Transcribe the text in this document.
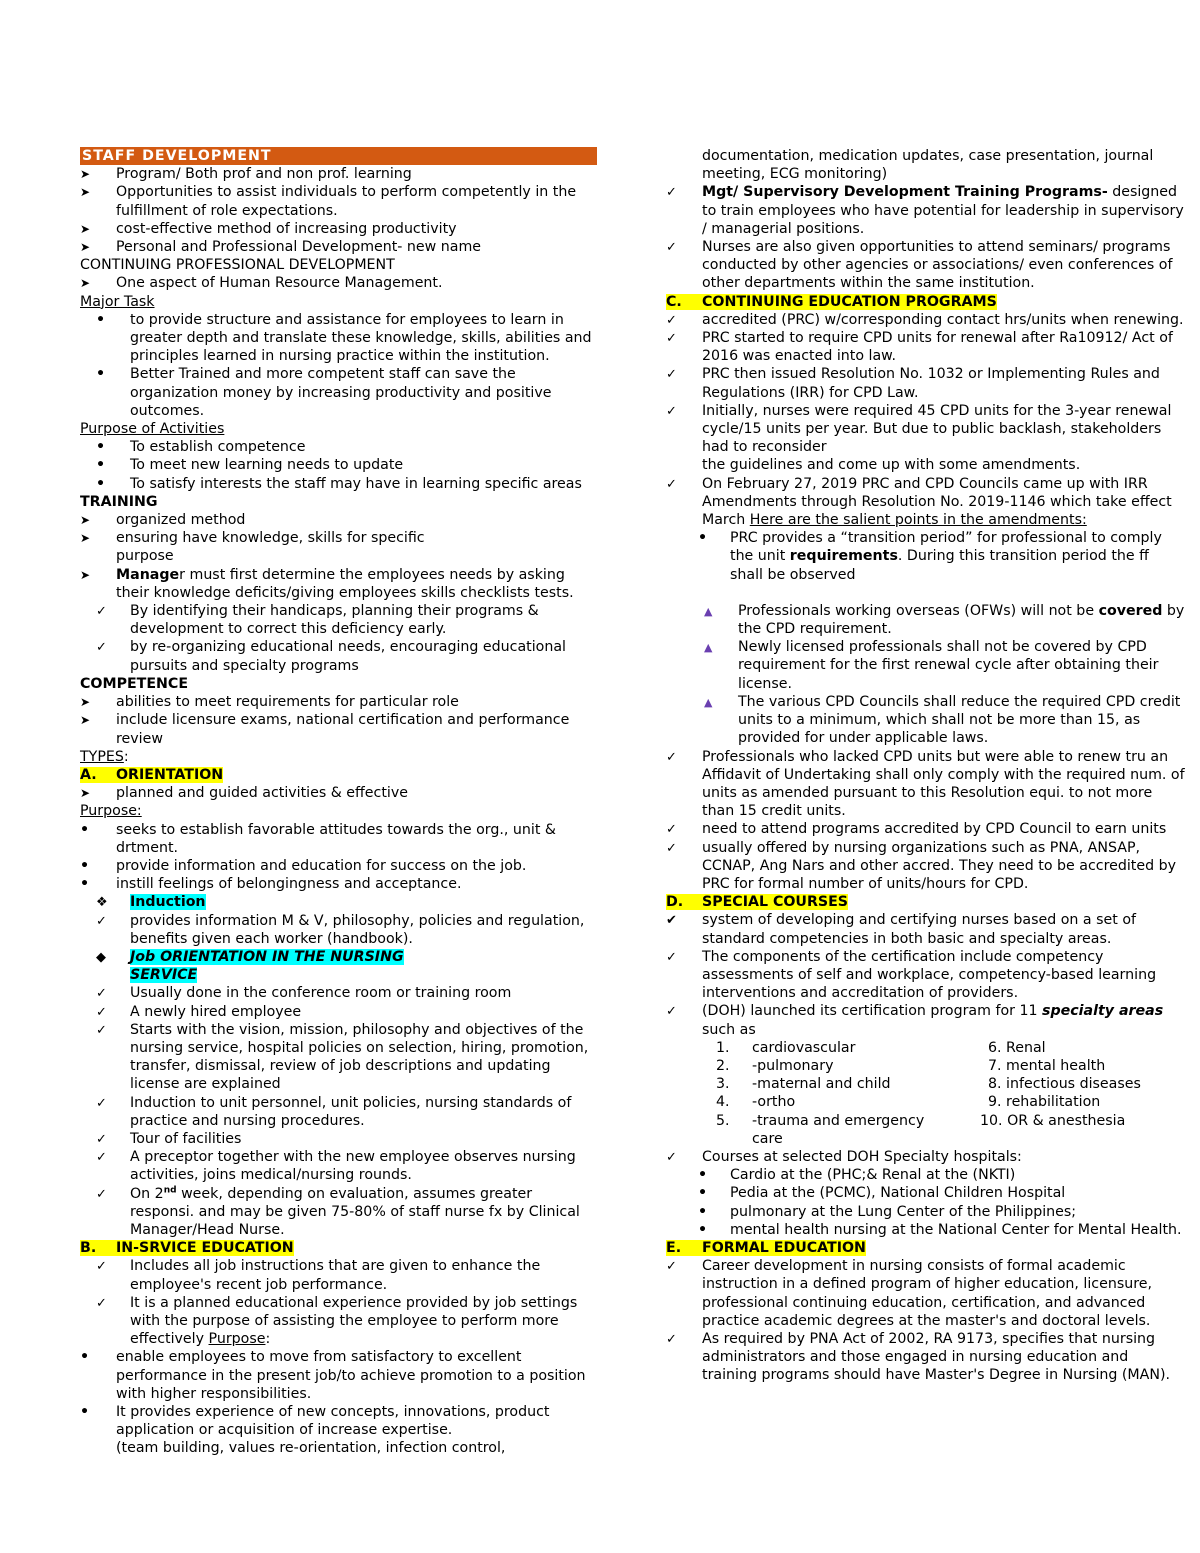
STAFF DEVELOPMENT
➤
Program/ Both prof and non prof. learning
➤
Opportunities to assist individuals to perform competently in the fulfillment of role expectations.
➤
cost-effective method of increasing productivity
➤
Personal and Professional Development- new name
CONTINUING PROFESSIONAL DEVELOPMENT
➤
One aspect of Human Resource Management.
Major Task
•
to provide structure and assistance for employees to learn in greater depth and translate these knowledge, skills, abilities and principles learned in nursing practice within the institution.
•
Better Trained and more competent staff can save the organization money by increasing productivity and positive outcomes.
Purpose of Activities
•
To establish competence
•
To meet new learning needs to update
•
To satisfy interests the staff may have in learning specific areas
TRAINING
➤
organized method
➤
ensuring have knowledge, skills for specific purpose
➤
Manager must first determine the employees needs by asking their knowledge deficits/giving employees skills checklists tests.
✓
By identifying their handicaps, planning their programs & development to correct this deficiency early.
✓
by re-organizing educational needs, encouraging educational pursuits and specialty programs
COMPETENCE
➤
abilities to meet requirements for particular role
➤
include licensure exams, national certification and performance review
TYPES:
A. ORIENTATION
➤
planned and guided activities & effective
Purpose:
•
seeks to establish favorable attitudes towards the org., unit & drtment.
•
provide information and education for success on the job.
•
instill feelings of belongingness and acceptance.
❖
Induction
✓
provides information M & V, philosophy, policies and regulation, benefits given each worker (handbook).
◆
Job ORIENTATION IN THE NURSING SERVICE
✓
Usually done in the conference room or training room
✓
A newly hired employee
✓
Starts with the vision, mission, philosophy and objectives of the nursing service, hospital policies on selection, hiring, promotion, transfer, dismissal, review of job descriptions and updating license are explained
✓
Induction to unit personnel, unit policies, nursing standards of practice and nursing procedures.
✓
Tour of facilities
✓
A preceptor together with the new employee observes nursing activities, joins medical/nursing rounds.
✓
On 2nd week, depending on evaluation, assumes greater responsi. and may be given 75-80% of staff nurse fx by Clinical Manager/Head Nurse.
B. IN-SRVICE EDUCATION
✓
Includes all job instructions that are given to enhance the employee's recent job performance.
✓
It is a planned educational experience provided by job settings with the purpose of assisting the employee to perform more effectively Purpose:
•
enable employees to move from satisfactory to excellent performance in the present job/to achieve promotion to a position with higher responsibilities.
•
It provides experience of new concepts, innovations, product application or acquisition of increase expertise.
(team building, values re-orientation, infection control,
documentation, medication updates, case presentation, journal meeting, ECG monitoring)
✓
Mgt/ Supervisory Development Training Programs- designed to train employees who have potential for leadership in supervisory / managerial positions.
✓
Nurses are also given opportunities to attend seminars/ programs conducted by other agencies or associations/ even conferences of other departments within the same institution.
C. CONTINUING EDUCATION PROGRAMS
✓
accredited (PRC) w/corresponding contact hrs/units when renewing.
✓
PRC started to require CPD units for renewal after Ra10912/ Act of 2016 was enacted into law.
✓
PRC then issued Resolution No. 1032 or Implementing Rules and Regulations (IRR) for CPD Law.
✓
Initially, nurses were required 45 CPD units for the 3-year renewal cycle/15 units per year. But due to public backlash, stakeholders had to reconsider
the guidelines and come up with some amendments.
✓
On February 27, 2019 PRC and CPD Councils came up with IRR Amendments through Resolution No. 2019-1146 which take effect March Here are the salient points in the amendments:
•
PRC provides a “transition period” for professional to comply the unit requirements. During this transition period the ff shall be observed
▲
Professionals working overseas (OFWs) will not be covered by the CPD requirement.
▲
Newly licensed professionals shall not be covered by CPD requirement for the first renewal cycle after obtaining their license.
▲
The various CPD Councils shall reduce the required CPD credit units to a minimum, which shall not be more than 15, as provided for under applicable laws.
✓
Professionals who lacked CPD units but were able to renew tru an Affidavit of Undertaking shall only comply with the required num. of units as amended pursuant to this Resolution equi. to not more than 15 credit units.
✓
need to attend programs accredited by CPD Council to earn units
✓
usually offered by nursing organizations such as PNA, ANSAP, CCNAP, Ang Nars and other accred. They need to be accredited by PRC for formal number of units/hours for CPD.
D. SPECIAL COURSES
✔
system of developing and certifying nurses based on a set of standard competencies in both basic and specialty areas.
✓
The components of the certification include competency assessments of self and workplace, competency-based learning interventions and accreditation of providers.
✓
(DOH) launched its certification program for 11 specialty areas such as
1.	cardiovascular	6. Renal
2.	-pulmonary	7. mental health
3.	-maternal and child	8. infectious diseases
4.	-ortho	9. rehabilitation
5.	-trauma and emergency care	10. OR & anesthesia
✓
Courses at selected DOH Specialty hospitals:
•
Cardio at the (PHC;& Renal at the (NKTI)
•
Pedia at the (PCMC), National Children Hospital
•
pulmonary at the Lung Center of the Philippines;
•
mental health nursing at the National Center for Mental Health.
E. FORMAL EDUCATION
✓
Career development in nursing consists of formal academic instruction in a defined program of higher education, licensure, professional continuing education, certification, and advanced practice academic degrees at the master's and doctoral levels.
✓
As required by PNA Act of 2002, RA 9173, specifies that nursing administrators and those engaged in nursing education and training programs should have Master's Degree in Nursing (MAN).
